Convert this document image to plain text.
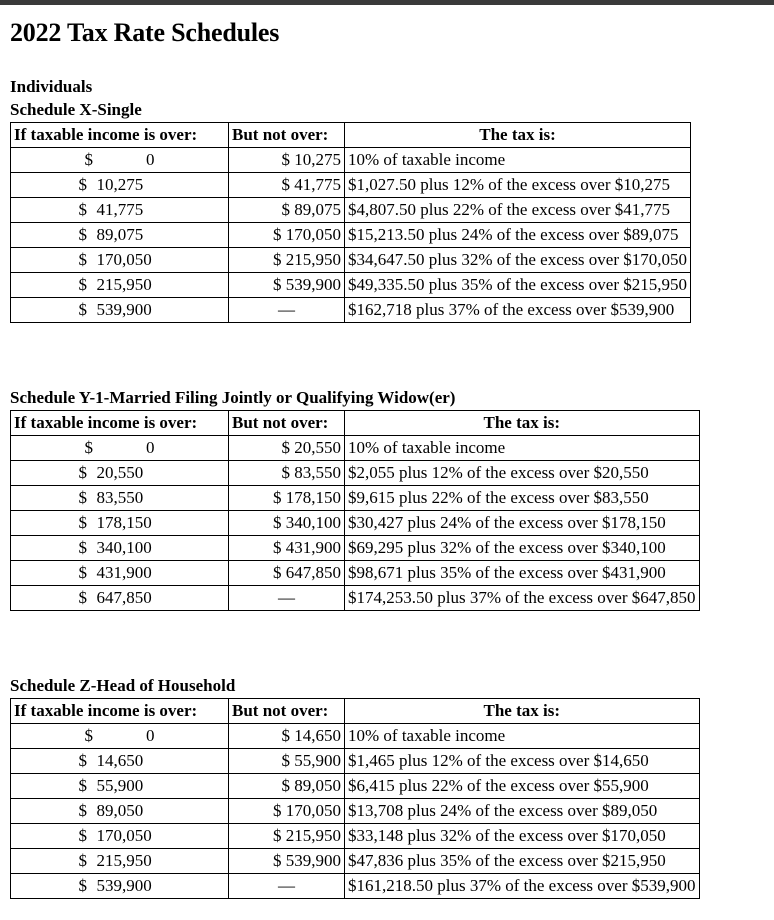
2022 Tax Rate Schedules
Individuals
Schedule X-Single
If taxable income is over:	But not over:	The tax is:
$ 0	$ 10,275	10% of taxable income
$ 10,275	$ 41,775	$1,027.50 plus 12% of the excess over $10,275
$ 41,775	$ 89,075	$4,807.50 plus 22% of the excess over $41,775
$ 89,075	$ 170,050	$15,213.50 plus 24% of the excess over $89,075
$ 170,050	$ 215,950	$34,647.50 plus 32% of the excess over $170,050
$ 215,950	$ 539,900	$49,335.50 plus 35% of the excess over $215,950
$ 539,900	—	$162,718 plus 37% of the excess over $539,900
Schedule Y-1-Married Filing Jointly or Qualifying Widow(er)
If taxable income is over:	But not over:	The tax is:
$ 0	$ 20,550	10% of taxable income
$ 20,550	$ 83,550	$2,055 plus 12% of the excess over $20,550
$ 83,550	$ 178,150	$9,615 plus 22% of the excess over $83,550
$ 178,150	$ 340,100	$30,427 plus 24% of the excess over $178,150
$ 340,100	$ 431,900	$69,295 plus 32% of the excess over $340,100
$ 431,900	$ 647,850	$98,671 plus 35% of the excess over $431,900
$ 647,850	—	$174,253.50 plus 37% of the excess over $647,850
Schedule Z-Head of Household
If taxable income is over:	But not over:	The tax is:
$ 0	$ 14,650	10% of taxable income
$ 14,650	$ 55,900	$1,465 plus 12% of the excess over $14,650
$ 55,900	$ 89,050	$6,415 plus 22% of the excess over $55,900
$ 89,050	$ 170,050	$13,708 plus 24% of the excess over $89,050
$ 170,050	$ 215,950	$33,148 plus 32% of the excess over $170,050
$ 215,950	$ 539,900	$47,836 plus 35% of the excess over $215,950
$ 539,900	—	$161,218.50 plus 37% of the excess over $539,900
